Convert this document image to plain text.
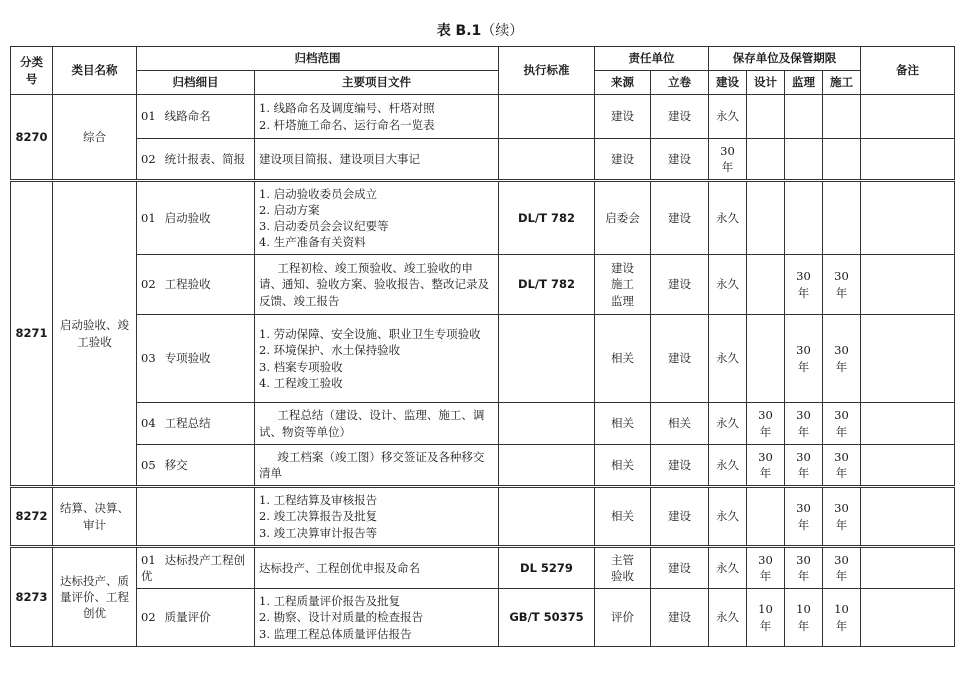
表 B.1（续）
分类号	类目名称	归档范围		执行标准	责任单位		保存单位及保管期限				备注
		归档细目	主要项目文件		来源	立卷	建设	设计	监理	施工	
8270	综合	01 线路命名	1. 线路命名及调度编号、杆塔对照
2. 杆塔施工命名、运行命名一览表		建设	建设	永久				
		02 统计报表、简报	建设项目简报、建设项目大事记		建设	建设	30 年				
8271	启动验收、竣工验收	01 启动验收	1. 启动验收委员会成立
2. 启动方案
3. 启动委员会会议纪要等
4. 生产准备有关资料	DL/T 782	启委会	建设	永久				
		02 工程验收	工程初检、竣工预验收、竣工验收的申请、通知、验收方案、验收报告、整改记录及反馈、竣工报告	DL/T 782	建设
施工
监理	建设	永久		30 年	30 年	
		03 专项验收	1. 劳动保障、安全设施、职业卫生专项验收
2. 环境保护、水土保持验收
3. 档案专项验收
4. 工程竣工验收		相关	建设	永久		30 年	30 年	
		04 工程总结	工程总结（建设、设计、监理、施工、调试、物资等单位）		相关	相关	永久	30 年	30 年	30 年	
		05 移交	竣工档案（竣工图）移交签证及各种移交清单		相关	建设	永久	30 年	30 年	30 年	
8272	结算、决算、审计		1. 工程结算及审核报告
2. 竣工决算报告及批复
3. 竣工决算审计报告等		相关	建设	永久		30 年	30 年	
8273	达标投产、质量评价、工程创优	01 达标投产工程创优	达标投产、工程创优申报及命名	DL 5279	主管
验收	建设	永久	30 年	30 年	30 年	
		02 质量评价	1. 工程质量评价报告及批复
2. 勘察、设计对质量的检查报告
3. 监理工程总体质量评估报告	GB/T 50375	评价	建设	永久	10 年	10 年	10 年	
